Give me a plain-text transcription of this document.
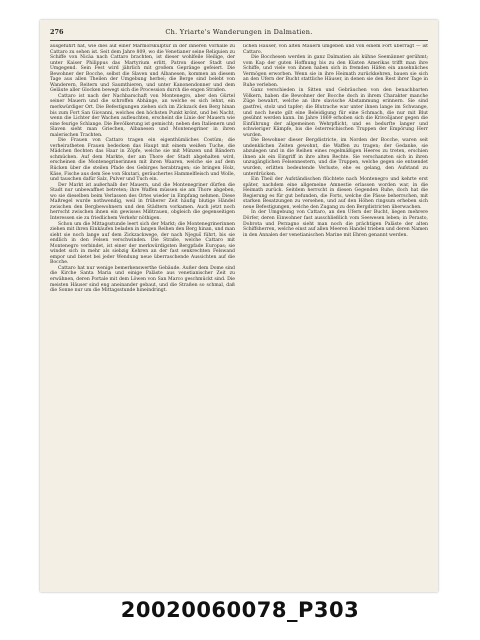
276	Ch. Yriarte's Wanderungen in Dalmatien.

ausgeführt hat, wie dies auf einer Marmorskulptur in der inneren Vorhalle zu Cattaro zu sehen ist. Seit dem Jahre 809, wo die Venetianer seine Reliquien zu Schiffe von Nicäa nach Cattaro brachten, ist dieser wohlfeile Heilige, der unter Kaiser Philippus das Martyrium erlitt, Patron dieser Stadt und Umgegend. Sein Fest wird jährlich mit großem Gepränge gefeiert. Die Bewohner der Bocche, selbst die Slaven und Albanesen, kommen an diesem Tage aus allen Theilen der Umgebung herbei; die Berge sind belebt von Wanderern, Reitern und Saumthieren, und unter Kanonendonner und dem Geläute aller Glocken bewegt sich die Procession durch die engen Straßen.

Cattaro ist nach der Nachbarschaft von Montenegro, aber den Gürtel seiner Mauern und die schroffen Abhänge, an welche es sich lehnt, ein merkwürdiger Ort. Die Befestigungen ziehen sich im Zickzack den Berg hinan bis zum Fort San Giovanni, welches den höchsten Punkt krönt, und bei Nacht, wenn die Lichter der Wachen aufleuchten, erscheint die Linie der Mauern wie eine feurige Schlange. Die Bevölkerung ist gemischt; neben den Italienern und Slaven sieht man Griechen, Albanesen und Montenegriner in ihren malerischen Trachten.

Die Frauen von Cattaro tragen ein eigenthümliches Costüm; die verheiratheten Frauen bedecken das Haupt mit einem weißen Tuche, die Mädchen flechten das Haar in Zöpfe, welche sie mit Münzen und Bändern schmücken. Auf dem Markte, der am Thore der Stadt abgehalten wird, erscheinen die Montenegrinerinnen mit ihren Waaren, welche sie auf dem Rücken über die steilen Pfade des Gebirges herabtragen; sie bringen Holz, Käse, Fische aus dem See von Skutari, geräuchertes Hammelfleisch und Wolle, und tauschen dafür Salz, Pulver und Tuch ein.

Der Markt ist außerhalb der Mauern, und die Montenegriner dürfen die Stadt nur unbewaffnet betreten; ihre Waffen müssen sie am Thore abgeben, wo sie dieselben beim Verlassen des Ortes wieder in Empfang nehmen. Diese Maßregel wurde nothwendig, weil in früherer Zeit häufig blutige Händel zwischen den Bergbewohnern und den Städtern vorkamen. Auch jetzt noch herrscht zwischen ihnen ein gewisses Mißtrauen, obgleich die gegenseitigen Interessen sie zu friedlichem Verkehr nöthigen.

Schon um die Mittagsstunde leert sich der Markt; die Montenegrinerinnen ziehen mit ihren Einkäufen beladen in langen Reihen den Berg hinan, und man sieht sie noch lange auf dem Zickzackwege, der nach Njeguš führt, bis sie endlich in den Felsen verschwinden. Die Straße, welche Cattaro mit Montenegro verbindet, ist einer der merkwürdigsten Bergpfade Europas; sie windet sich in mehr als siebzig Kehren an der fast senkrechten Felswand empor und bietet bei jeder Wendung neue überraschende Aussichten auf die Bocche.

Cattaro hat nur wenige bemerkenswerthe Gebäude. Außer dem Dome sind die Kirche Santa Maria und einige Paläste aus venetianischer Zeit zu erwähnen, deren Portale mit dem Löwen von San Marco geschmückt sind. Die meisten Häuser sind eng aneinander gebaut, und die Straßen so schmal, daß die Sonne nur um die Mittagsstunde hineindringt.

lichen Häuser, von alten Mauern umgeben und von einem Fort überragt — ist Cattaro.

Die Bocchesen werden in ganz Dalmatien als kühne Seemänner gerühmt; vom Kap der guten Hoffnung bis zu den Küsten Amerikas trifft man ihre Schiffe, und viele von ihnen haben sich in fremden Häfen ein ansehnliches Vermögen erworben. Wenn sie in ihre Heimath zurückkehren, bauen sie sich an den Ufern der Bucht stattliche Häuser, in denen sie den Rest ihrer Tage in Ruhe verleben.

Ganz verschieden in Sitten und Gebräuchen von den benachbarten Völkern, haben die Bewohner der Bocche doch in ihrem Charakter manche Züge bewahrt, welche an ihre slavische Abstammung erinnern. Sie sind gastfrei, stolz und tapfer; die Blutrache war unter ihnen lange im Schwange, und noch heute gilt eine Beleidigung für eine Schmach, die nur mit Blut gesühnt werden kann. Im Jahre 1869 erhoben sich die Krivošijaner gegen die Einführung der allgemeinen Wehrpflicht, und es bedurfte langer und schwieriger Kämpfe, bis die österreichischen Truppen der Empörung Herr wurden.

Die Bewohner dieser Bergdistricte, im Norden der Bocche, waren seit undenklichen Zeiten gewohnt, die Waffen zu tragen; der Gedanke, sie abzulegen und in die Reihen eines regelmäßigen Heeres zu treten, erschien ihnen als ein Eingriff in ihre alten Rechte. Sie verschanzten sich in ihren unzugänglichen Felsennestern, und die Truppen, welche gegen sie entsendet wurden, erlitten bedeutende Verluste, ehe es gelang, den Aufstand zu unterdrücken.

Ein Theil der Aufständischen flüchtete nach Montenegro und kehrte erst später, nachdem eine allgemeine Amnestie erlassen worden war, in die Heimath zurück. Seitdem herrscht in diesen Gegenden Ruhe, doch hat die Regierung es für gut befunden, die Forts, welche die Pässe beherrschen, mit starken Besatzungen zu versehen, und auf den Höhen ringsum erheben sich neue Befestigungen, welche den Zugang zu den Bergdistricten überwachen.

In der Umgebung von Cattaro, an den Ufern der Bucht, liegen mehrere Dörfer, deren Einwohner fast ausschließlich vom Seewesen leben; in Perasto, Dobrota und Perzagno sieht man noch die prächtigen Paläste der alten Schiffsherren, welche einst auf allen Meeren Handel trieben und deren Namen in den Annalen der venetianischen Marine mit Ehren genannt werden.

20020060078_P303
